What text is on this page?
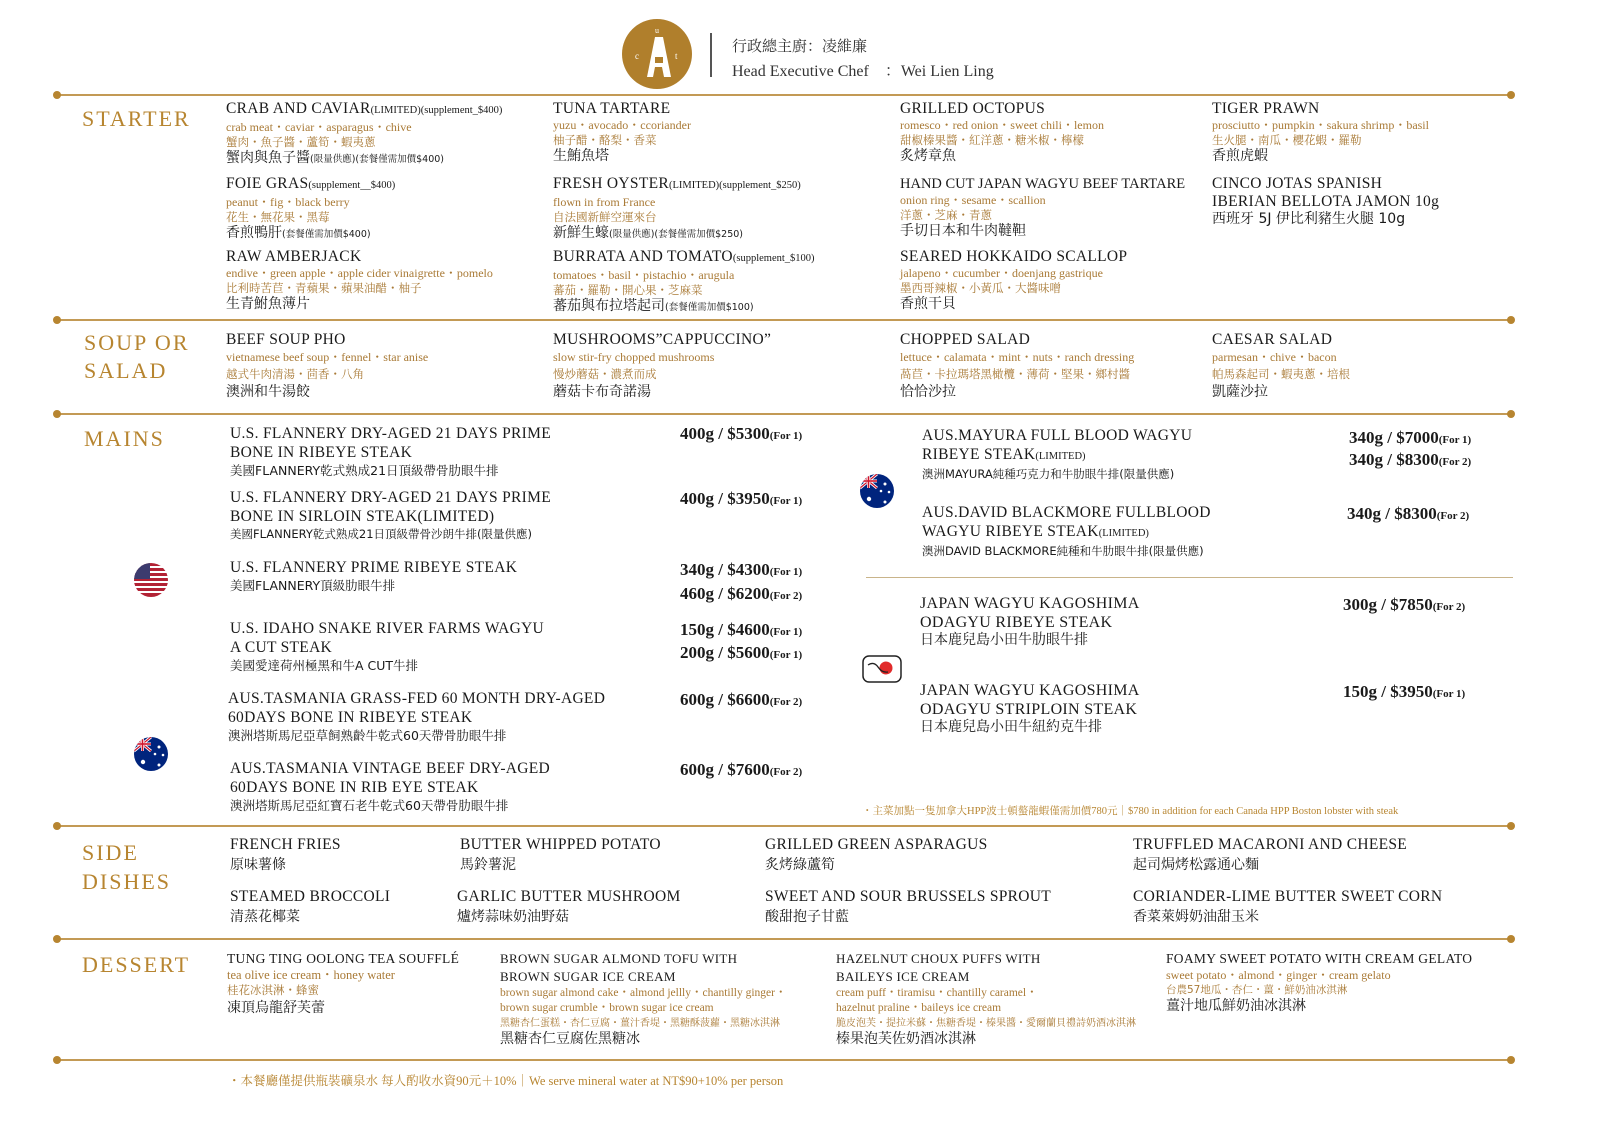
c	t
u
行政總主廚：凌維廉
Head Executive Chef　：Wei Lien Ling
STARTER
SOUP OR
SALAD
MAINS
SIDE
DISHES
DESSERT
CRAB AND CAVIAR(LIMITED)(supplement_$400)
crab meat・caviar・asparagus・chive
蟹肉・魚子醬・蘆筍・蝦夷蔥
蟹肉與魚子醬(限量供應)(套餐僅需加價$400)
TUNA TARTARE
yuzu・avocado・ccoriander
柚子醋・酪梨・香菜
生鮪魚塔
GRILLED OCTOPUS
romesco・red onion・sweet chili・lemon
甜椒榛果醬・紅洋蔥・糖米椒・檸檬
炙烤章魚
TIGER PRAWN
prosciutto・pumpkin・sakura shrimp・basil
生火腿・南瓜・櫻花蝦・羅勒
香煎虎蝦
FOIE GRAS(supplement__$400)
peanut・fig・black berry
花生・無花果・黑莓
香煎鴨肝(套餐僅需加價$400)
FRESH OYSTER(LIMITED)(supplement_$250)
flown in from France
自法國新鮮空運來台
新鮮生蠔(限量供應)(套餐僅需加價$250)
HAND CUT JAPAN WAGYU BEEF TARTARE
onion ring・sesame・scallion
洋蔥・芝麻・青蔥
手切日本和牛肉韃靼
CINCO JOTAS SPANISH
IBERIAN BELLOTA JAMON 10g
西班牙 5J 伊比利豬生火腿 10g
RAW AMBERJACK
endive・green apple・apple cider vinaigrette・pomelo
比利時苦苣・青蘋果・蘋果油醋・柚子
生青鮒魚薄片
BURRATA AND TOMATO(supplement_$100)
tomatoes・basil・pistachio・arugula
蕃茄・羅勒・開心果・芝麻菜
蕃茄與布拉塔起司(套餐僅需加價$100)
SEARED HOKKAIDO SCALLOP
jalapeno・cucumber・doenjang gastrique
墨西哥辣椒・小黃瓜・大醬味噌
香煎干貝
BEEF SOUP PHO
vietnamese beef soup・fennel・star anise
越式牛肉清湯・茴香・八角
澳洲和牛湯餃
MUSHROOMS”CAPPUCCINO”
slow stir-fry chopped mushrooms
慢炒蘑菇・濃煮而成
蘑菇卡布奇諾湯
CHOPPED SALAD
lettuce・calamata・mint・nuts・ranch dressing
萵苣・卡拉瑪塔黑橄欖・薄荷・堅果・鄉村醬
恰恰沙拉
CAESAR SALAD
parmesan・chive・bacon
帕馬森起司・蝦夷蔥・培根
凱薩沙拉
U.S. FLANNERY DRY-AGED 21 DAYS PRIME
BONE IN RIBEYE STEAK
美國FLANNERY乾式熟成21日頂級帶骨肋眼牛排
400g / $5300(For 1)
U.S. FLANNERY DRY-AGED 21 DAYS PRIME
BONE IN SIRLOIN STEAK(LIMITED)
美國FLANNERY乾式熟成21日頂級帶骨沙朗牛排(限量供應)
400g / $3950(For 1)
U.S. FLANNERY PRIME RIBEYE STEAK
美國FLANNERY頂級肋眼牛排
340g / $4300(For 1)
460g / $6200(For 2)
U.S. IDAHO SNAKE RIVER FARMS WAGYU
A CUT STEAK
美國愛達荷州極黑和牛A CUT牛排
150g / $4600(For 1)
200g / $5600(For 1)
AUS.TASMANIA GRASS-FED 60 MONTH DRY-AGED
60DAYS BONE IN RIBEYE STEAK
澳洲塔斯馬尼亞草飼熟齡牛乾式60天帶骨肋眼牛排
600g / $6600(For 2)
AUS.TASMANIA VINTAGE BEEF DRY-AGED
60DAYS BONE IN RIB EYE STEAK
澳洲塔斯馬尼亞紅寶石老牛乾式60天帶骨肋眼牛排
600g / $7600(For 2)
AUS.MAYURA FULL BLOOD WAGYU
RIBEYE STEAK(LIMITED)
澳洲MAYURA純種巧克力和牛肋眼牛排(限量供應)
340g / $7000(For 1)
340g / $8300(For 2)
AUS.DAVID BLACKMORE FULLBLOOD
WAGYU RIBEYE STEAK(LIMITED)
澳洲DAVID BLACKMORE純種和牛肋眼牛排(限量供應)
340g / $8300(For 2)
JAPAN WAGYU KAGOSHIMA
ODAGYU RIBEYE STEAK
日本鹿兒島小田牛肋眼牛排
300g / $7850(For 2)
JAPAN WAGYU KAGOSHIMA
ODAGYU STRIPLOIN STEAK
日本鹿兒島小田牛紐約克牛排
150g / $3950(For 1)
・主菜加點一隻加拿大HPP波士頓螯龍蝦僅需加價780元｜$780 in addition for each Canada HPP Boston lobster with steak
FRENCH FRIES
原味薯條
BUTTER WHIPPED POTATO
馬鈴薯泥
GRILLED GREEN ASPARAGUS
炙烤綠蘆筍
TRUFFLED MACARONI AND CHEESE
起司焗烤松露通心麵
STEAMED BROCCOLI
清蒸花椰菜
GARLIC BUTTER MUSHROOM
爐烤蒜味奶油野菇
SWEET AND SOUR BRUSSELS SPROUT
酸甜抱子甘藍
CORIANDER-LIME BUTTER SWEET CORN
香菜萊姆奶油甜玉米
TUNG TING OOLONG TEA SOUFFLÉ
tea olive ice cream・honey water
桂花冰淇淋・蜂蜜
凍頂烏龍舒芙蕾
BROWN SUGAR ALMOND TOFU WITH
BROWN SUGAR ICE CREAM
brown sugar almond cake・almond jellly・chantilly ginger・
brown sugar crumble・brown sugar ice cream
黑糖杏仁蛋糕・杏仁豆腐・薑汁香堤・黑糖酥菠蘿・黑糖冰淇淋
黑糖杏仁豆腐佐黑糖冰
HAZELNUT CHOUX PUFFS WITH
BAILEYS ICE CREAM
cream puff・tiramisu・chantilly caramel・
hazelnut praline・baileys ice cream
脆皮泡芙・提拉米蘇・焦糖香堤・榛果醬・愛爾蘭貝禮詩奶酒冰淇淋
榛果泡芙佐奶酒冰淇淋
FOAMY SWEET POTATO WITH CREAM GELATO
sweet potato・almond・ginger・cream gelato
台農57地瓜・杏仁・薑・鮮奶油冰淇淋
薑汁地瓜鮮奶油冰淇淋
・本餐廳僅提供瓶裝礦泉水 每人酌收水資90元＋10%｜We serve mineral water at NT$90+10% per person
